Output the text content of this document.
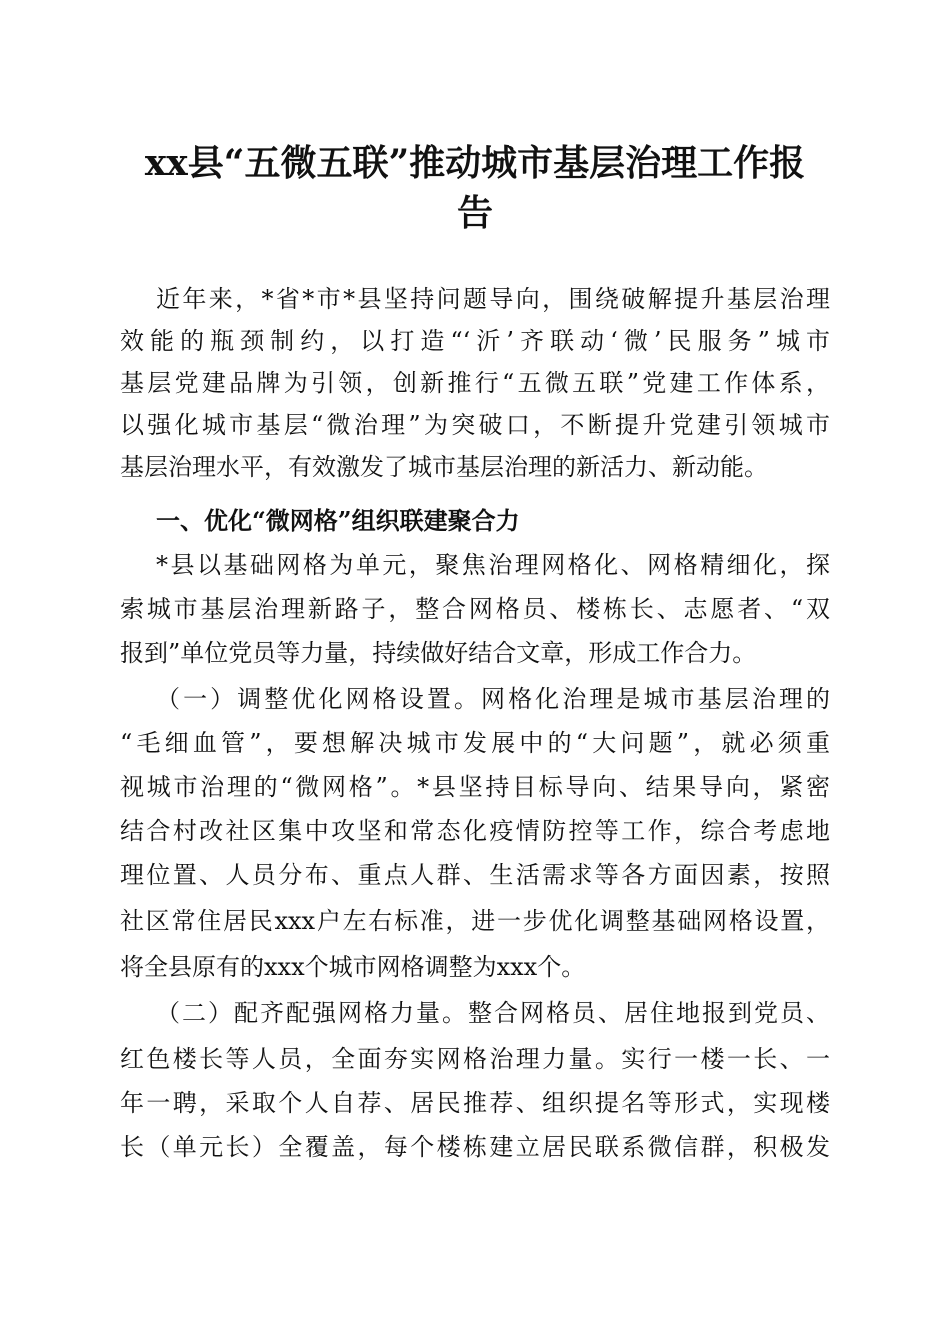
xx县“五微五联”推动城市基层治理工作报
告
近年来，*省*市*县坚持问题导向，围绕破解提升基层治理
效能的瓶颈制约，以打造“‘沂’齐联动‘微’民服务”城市
基层党建品牌为引领，创新推行“五微五联”党建工作体系，
以强化城市基层“微治理”为突破口，不断提升党建引领城市
基层治理水平，有效激发了城市基层治理的新活力、新动能。
一、优化“微网格”组织联建聚合力
*县以基础网格为单元，聚焦治理网格化、网格精细化，探
索城市基层治理新路子，整合网格员、楼栋长、志愿者、“双
报到”单位党员等力量，持续做好结合文章，形成工作合力。
（一）调整优化网格设置。网格化治理是城市基层治理的
“毛细血管”，要想解决城市发展中的“大问题”，就必须重
视城市治理的“微网格”。*县坚持目标导向、结果导向，紧密
结合村改社区集中攻坚和常态化疫情防控等工作，综合考虑地
理位置、人员分布、重点人群、生活需求等各方面因素，按照
社区常住居民xxx户左右标准，进一步优化调整基础网格设置，
将全县原有的xxx个城市网格调整为xxx个。
（二）配齐配强网格力量。整合网格员、居住地报到党员、
红色楼长等人员，全面夯实网格治理力量。实行一楼一长、一
年一聘，采取个人自荐、居民推荐、组织提名等形式，实现楼
长（单元长）全覆盖，每个楼栋建立居民联系微信群，积极发
